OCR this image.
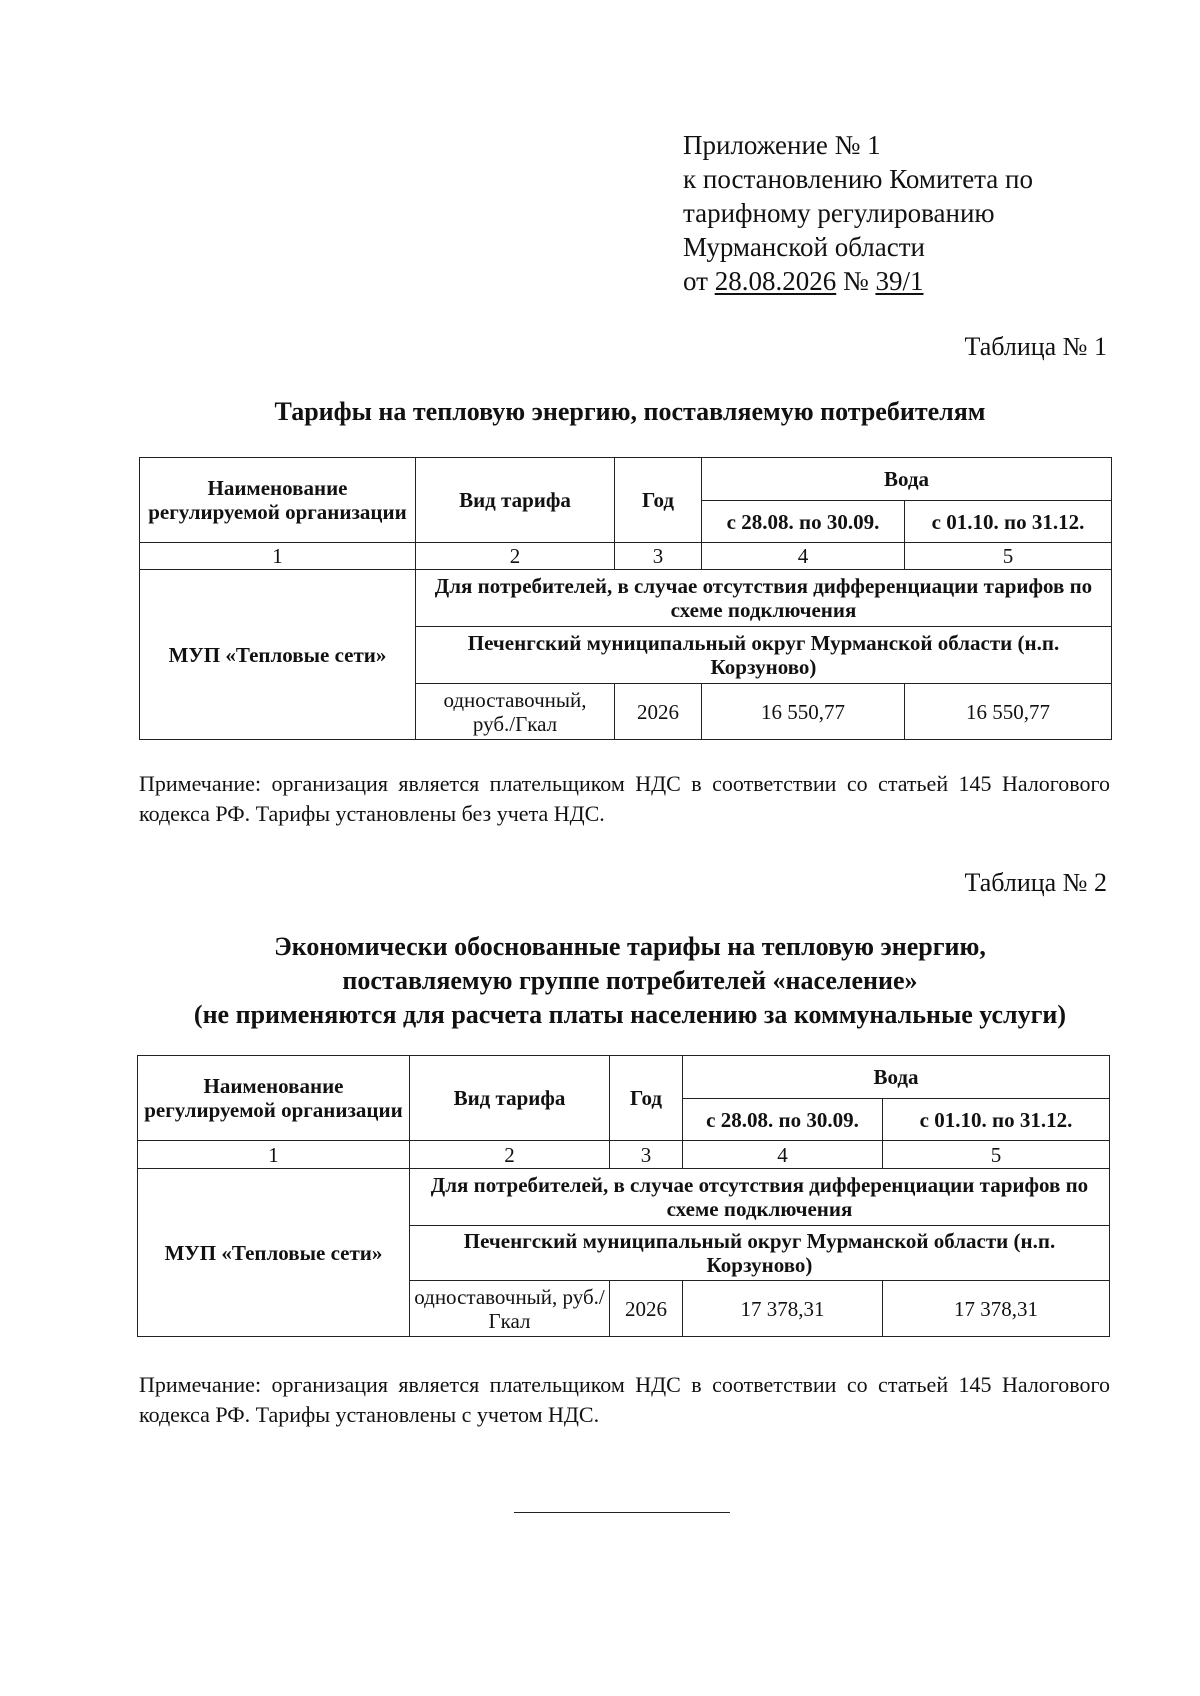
Приложение № 1
к постановлению Комитета по
тарифному регулированию
Мурманской области
от 28.08.2026 № 39/1
Таблица № 1
Тарифы на тепловую энергию, поставляемую потребителям
Наименование регулируемой организации	Вид тарифа	Год	Вода	
			с 28.08. по 30.09.	с 01.10. по 31.12.
1	2	3	4	5
МУП «Тепловые сети»	Для потребителей, в случае отсутствия дифференциации тарифов по схеме подключения			
	Печенгский муниципальный округ Мурманской области (н.п. Корзуново)			
	одноставочный, руб./Гкал	2026	16 550,77	16 550,77
Примечание: организация является плательщиком НДС в соответствии со статьей 145 Налогового кодекса РФ. Тарифы установлены без учета НДС.
Таблица № 2
Экономически обоснованные тарифы на тепловую энергию,
поставляемую группе потребителей «население»
(не применяются для расчета платы населению за коммунальные услуги)
Наименование регулируемой организации	Вид тарифа	Год	Вода	
			с 28.08. по 30.09.	с 01.10. по 31.12.
1	2	3	4	5
МУП «Тепловые сети»	Для потребителей, в случае отсутствия дифференциации тарифов по схеме подключения			
	Печенгский муниципальный округ Мурманской области (н.п. Корзуново)			
	одноставочный, руб./Гкал	2026	17 378,31	17 378,31
Примечание: организация является плательщиком НДС в соответствии со статьей 145 Налогового кодекса РФ. Тарифы установлены с учетом НДС.
